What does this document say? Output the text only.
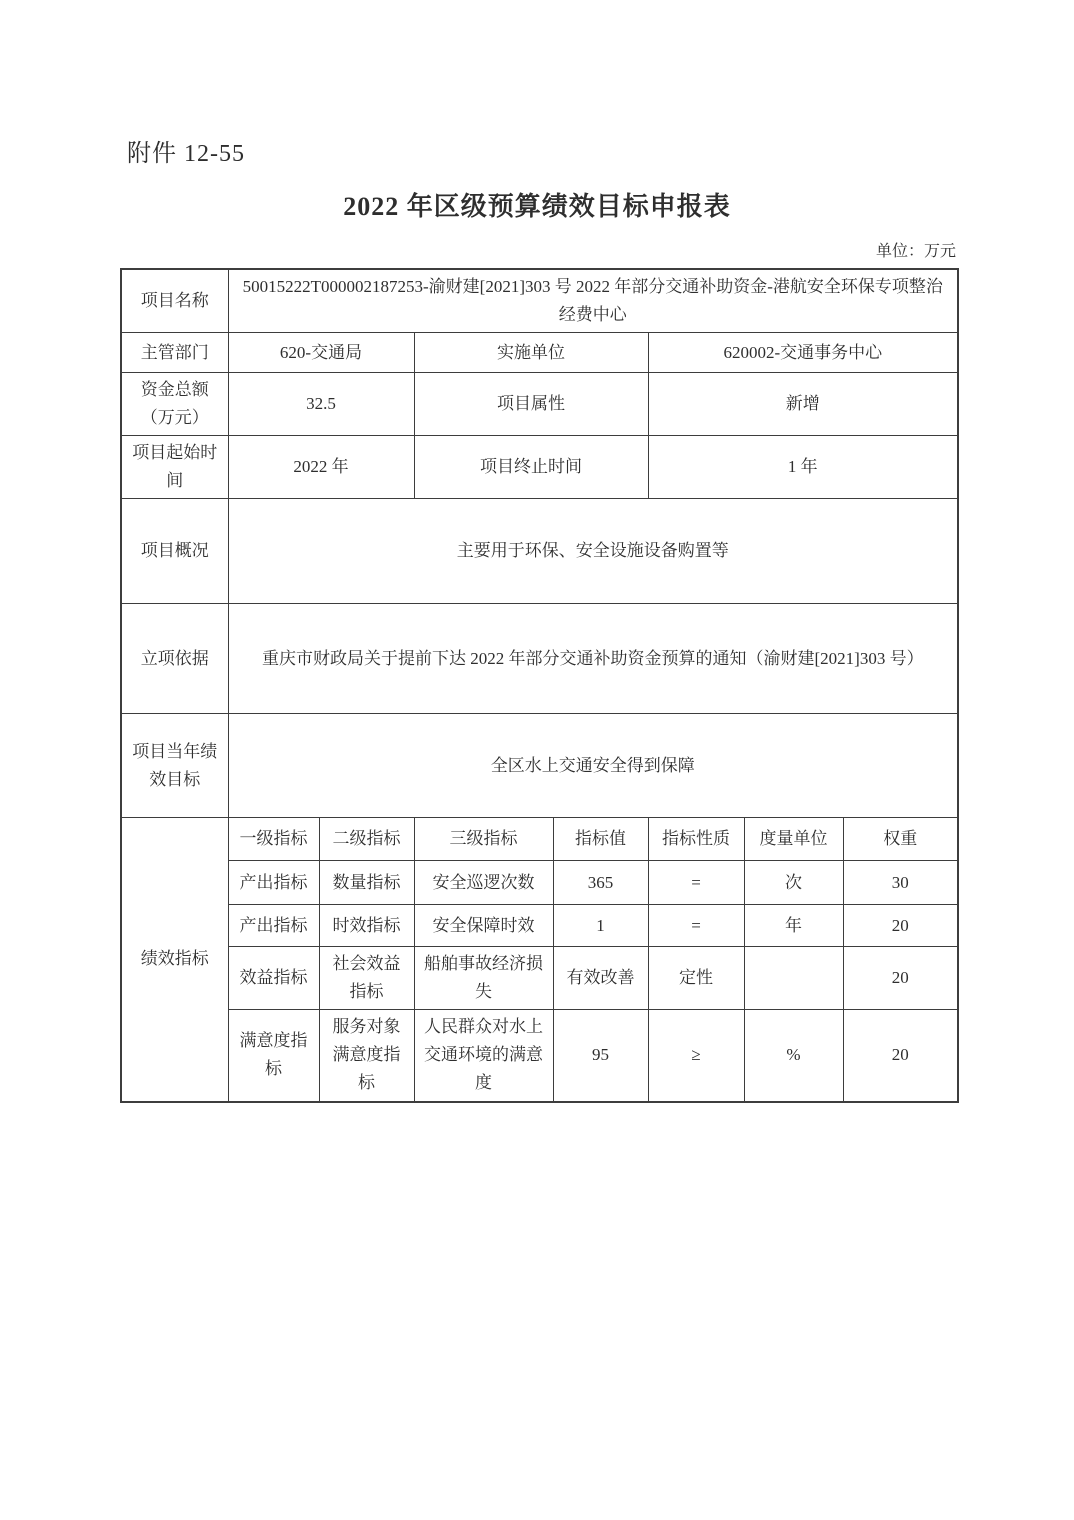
附件 12-55
2022 年区级预算绩效目标申报表
单位：万元
项目名称	50015222T000002187253-渝财建[2021]303 号 2022 年部分交通补助资金-港航安全环保专项整治经费中心						
主管部门	620-交通局		实施单位		620002-交通事务中心		
资金总额（万元）	32.5		项目属性		新增		
项目起始时间	2022 年		项目终止时间		1 年		
项目概况	主要用于环保、安全设施设备购置等						
立项依据	重庆市财政局关于提前下达 2022 年部分交通补助资金预算的通知（渝财建[2021]303 号）						
项目当年绩效目标	全区水上交通安全得到保障						
绩效指标	一级指标	二级指标	三级指标	指标值	指标性质	度量单位	权重
	产出指标	数量指标	安全巡逻次数	365	=	次	30
	产出指标	时效指标	安全保障时效	1	=	年	20
	效益指标	社会效益指标	船舶事故经济损失	有效改善	定性		20
	满意度指标	服务对象满意度指标	人民群众对水上交通环境的满意度	95	≥	%	20
